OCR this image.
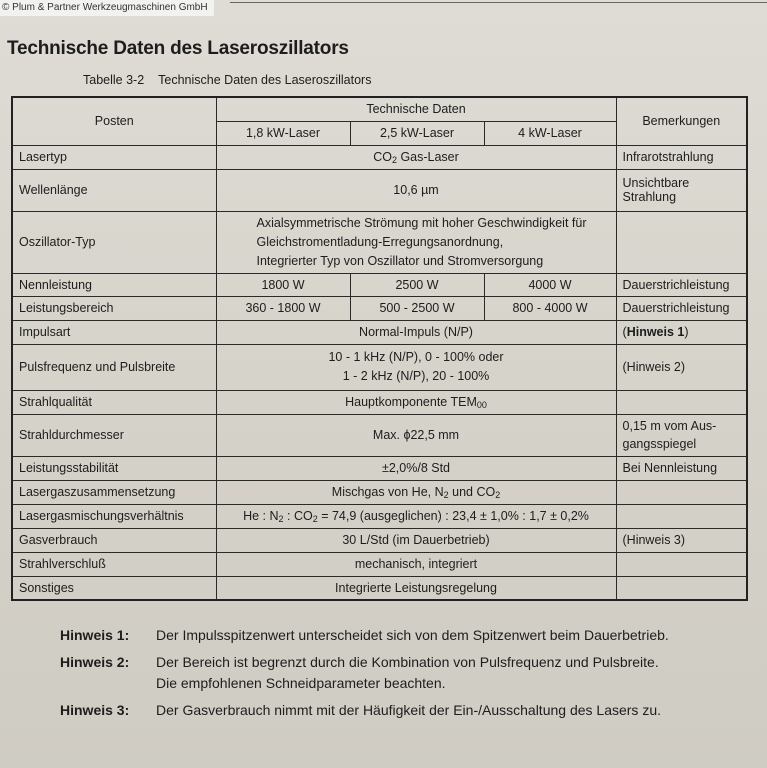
© Plum & Partner Werkzeugmaschinen GmbH
Technische Daten des Laseroszillators
Tabelle 3-2 Technische Daten des Laseroszillators
Posten	Technische Daten			Bemerkungen
	1,8 kW-Laser	2,5 kW-Laser	4 kW-Laser	
Lasertyp	$CO_2$ Gas-Laser			Infrarotstrahlung
Wellenlänge	10,6 µm			Unsichtbare
Strahlung

Oszillator-Typ	Axialsymmetrische Strömung mit hoher Geschwindigkeit für
Gleichstromentladung-Erregungsanordnung,
Integrierter Typ von Oszillator und Stromversorgung			

Nennleistung	1800 W	2500 W	4000 W	Dauerstrichleistung
Leistungsbereich	360 - 1800 W	500 - 2500 W	800 - 4000 W	Dauerstrichleistung
Impulsart	Normal-Impuls (N/P)			(Hinweis 1)
Pulsfrequenz und Pulsbreite	10 - 1 kHz (N/P), 0 - 100% oder
1 - 2 kHz (N/P), 20 - 100%			(Hinweis 2)
Strahlqualität	Hauptkomponente $TEM_{00}$	
Strahldurchmesser	Max. ϕ22,5 mm			0,15 m vom Aus-
gangsspiegel

Leistungsstabilität	±2,0%/8 Std			Bei Nennleistung
Lasergaszusammensetzung	Mischgas von He, $N_2$ und $CO_2$	
Lasergasmischungsverhältnis	He : $N_2$ : $CO_2 = 74,9$ (ausgeglichen) : 23,4 ± 1,0% : 1,7 ± 0,2%			
Gasverbrauch	30 L/Std (im Dauerbetrieb)			(Hinweis 3)
Strahlverschluß	mechanisch, integriert			
Sonstiges	Integrierte Leistungsregelung			
Hinweis 1:	Der Impulsspitzenwert unterscheidet sich von dem Spitzenwert beim Dauerbetrieb.
Hinweis 2:	Der Bereich ist begrenzt durch die Kombination von Pulsfrequenz und Pulsbreite.
Die empfohlenen Schneidparameter beachten.
Hinweis 3:	Der Gasverbrauch nimmt mit der Häufigkeit der Ein-/Ausschaltung des Lasers zu.
